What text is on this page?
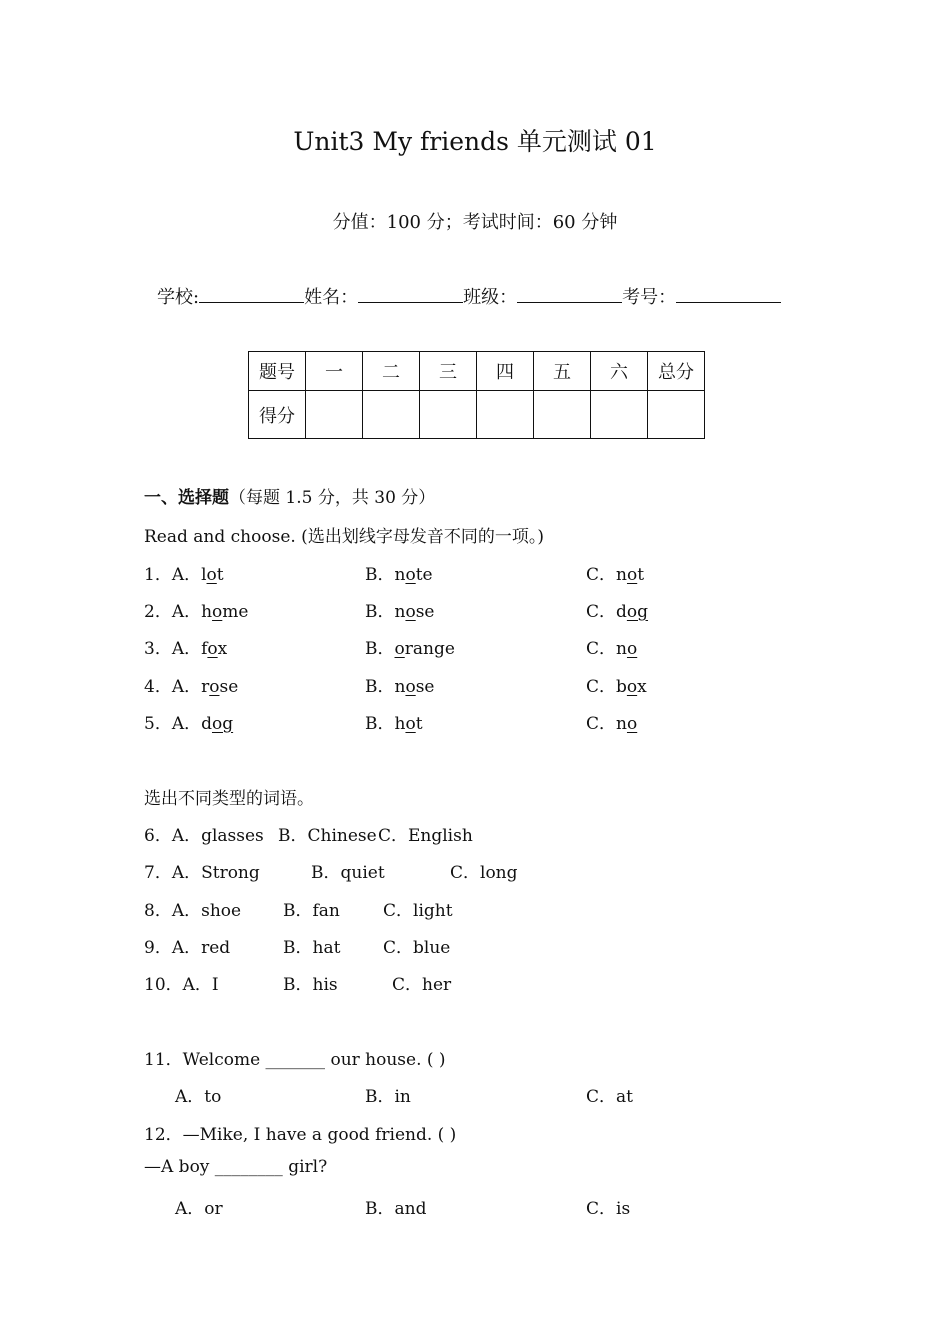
Unit3 My friends 单元测试 01
分值：100 分；考试时间：60 分钟
学校:	姓名：	班级：	考号：
题号	一	二	三	四	五	六	总分
得分							
一、选择题（每题 1.5 分，共 30 分）
Read and choose. (选出划线字母发音不同的一项。)
1．A．lot	B．note	C．not
2．A．home	B．nose	C．dog
3．A．fox	B．orange	C．no
4．A．rose	B．nose	C．box
5．A．dog	B．hot	C．no
选出不同类型的词语。
6．A．glasses B．Chinese C．English
7．A．Strong	B．quiet	C．long
8．A．shoe B．fan	C．light
9．A．red	B．hat	C．blue
10．A．I	B．his	C．her
11．Welcome _______ our house. ( )
A．to	B．in	C．at
12．—Mike, I have a good friend. ( )
—A boy ________ girl?
A．or	B．and	C．is
